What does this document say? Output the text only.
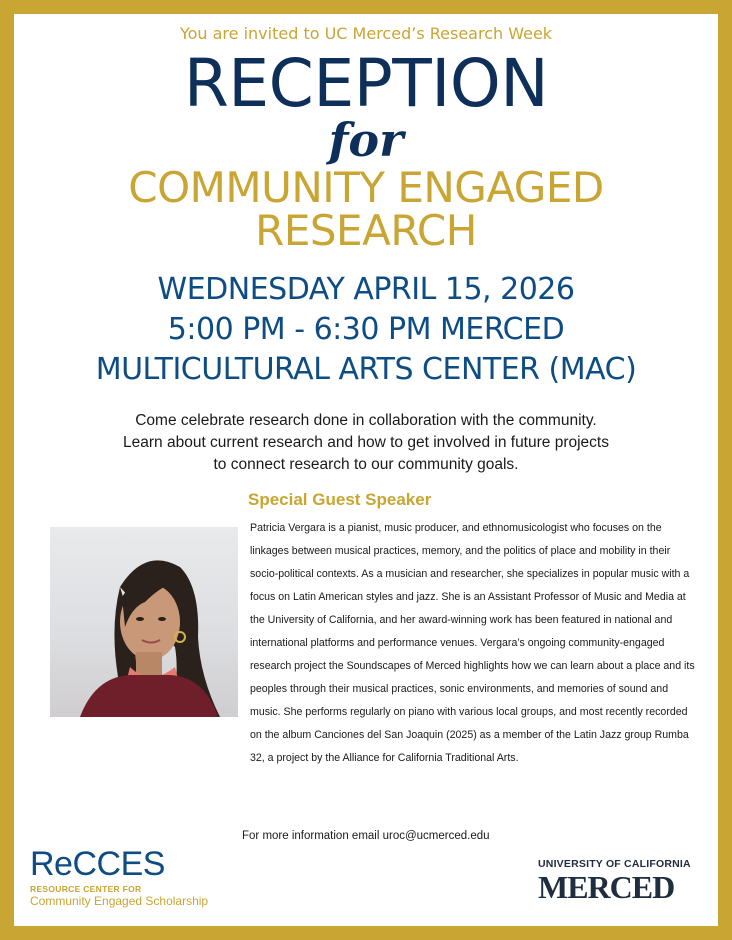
You are invited to UC Merced’s Research Week
RECEPTION
for
COMMUNITY ENGAGED
RESEARCH
WEDNESDAY APRIL 15, 2026
5:00 PM - 6:30 PM MERCED
MULTICULTURAL ARTS CENTER (MAC)
Come celebrate research done in collaboration with the community.
Learn about current research and how to get involved in future projects
to connect research to our community goals.
Special Guest Speaker
Patricia Vergara is a pianist, music producer, and ethnomusicologist who focuses on the linkages between musical practices, memory, and the politics of place and mobility in their socio-political contexts. As a musician and researcher, she specializes in popular music with a focus on Latin American styles and jazz. She is an Assistant Professor of Music and Media at the University of California, and her award-winning work has been featured in national and international platforms and performance venues. Vergara’s ongoing community-engaged research project the Soundscapes of Merced highlights how we can learn about a place and its peoples through their musical practices, sonic environments, and memories of sound and music. She performs regularly on piano with various local groups, and most recently recorded on the album Canciones del San Joaquin (2025) as a member of the Latin Jazz group Rumba 32, a project by the Alliance for California Traditional Arts.
For more information email uroc@ucmerced.edu
ReCCES
RESOURCE CENTER FOR
Community Engaged Scholarship
UNIVERSITY OF CALIFORNIA
MERCED
